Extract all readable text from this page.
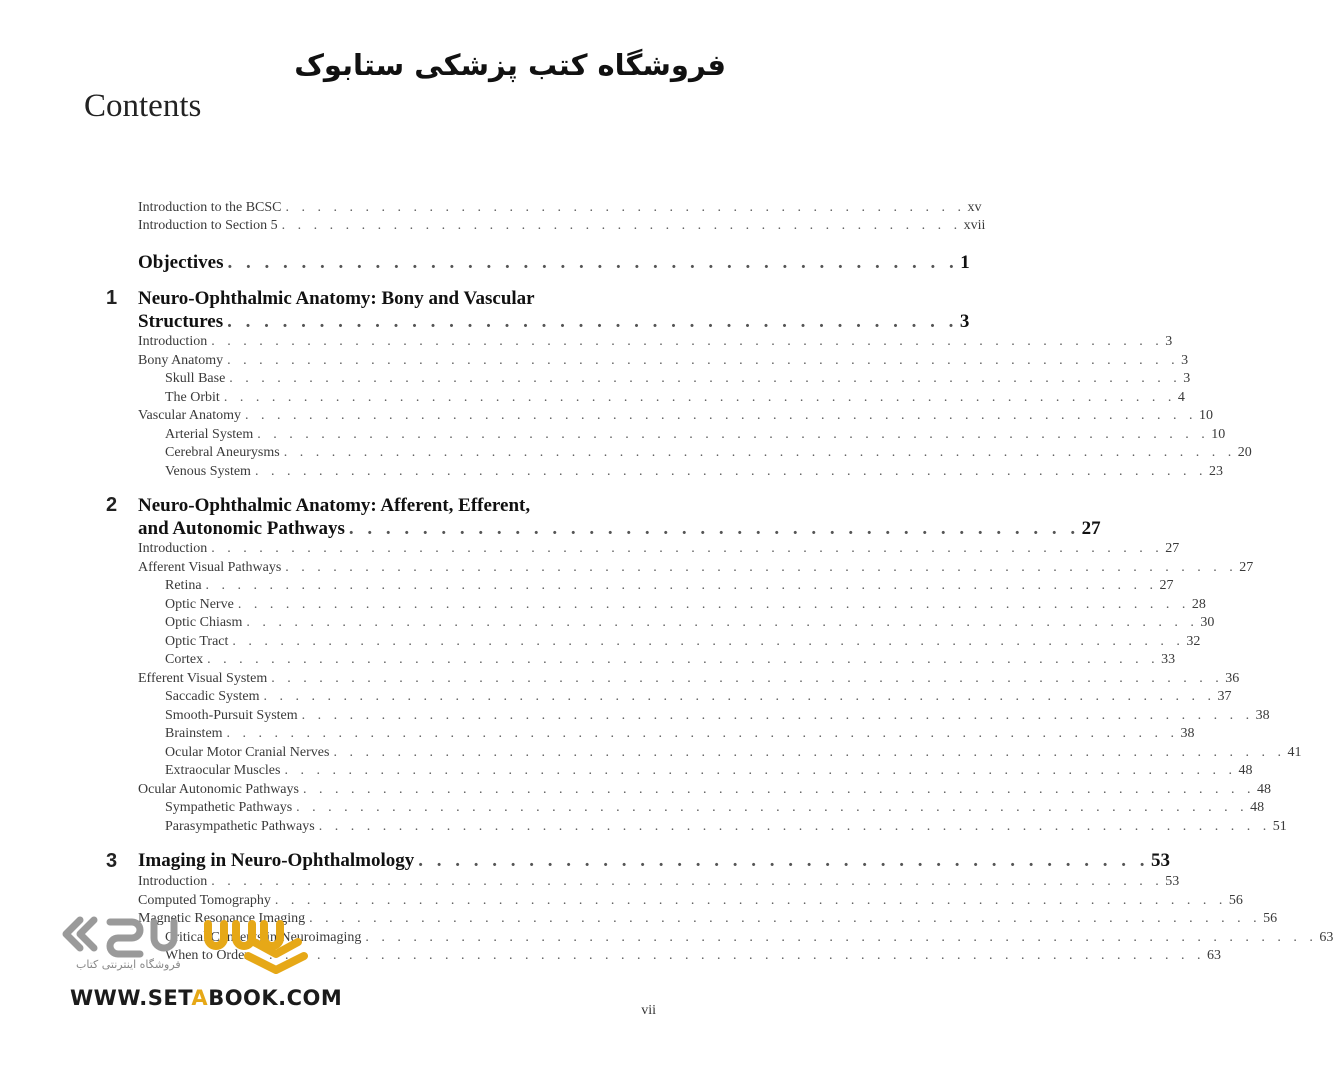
فروشگاه کتب پزشکی ستابوک
Contents
Introduction to the BCSC . . . . . . . . . . . . . . . . . . . . . . . . . . . . . . . . . . . . . . . . . . . xv
Introduction to Section 5 . . . . . . . . . . . . . . . . . . . . . . . . . . . . . . . . . . . . . . . . . . . xvii
Objectives . . . . . . . . . . . . . . . . . . . . . . . . . . . . . . . . . . . . . . . . 1
1 Neuro-Ophthalmic Anatomy: Bony and Vascular
Structures . . . . . . . . . . . . . . . . . . . . . . . . . . . . . . . . . . . . . . . . 3
Introduction . . . . . . . . . . . . . . . . . . . . . . . . . . . . . . . . . . . . . . . . . . . . . . . . . . . . . . . . . . . . 3
Bony Anatomy . . . . . . . . . . . . . . . . . . . . . . . . . . . . . . . . . . . . . . . . . . . . . . . . . . . . . . . . . . . . 3
Skull Base . . . . . . . . . . . . . . . . . . . . . . . . . . . . . . . . . . . . . . . . . . . . . . . . . . . . . . . . . . . . 3
The Orbit . . . . . . . . . . . . . . . . . . . . . . . . . . . . . . . . . . . . . . . . . . . . . . . . . . . . . . . . . . . . 4
Vascular Anatomy . . . . . . . . . . . . . . . . . . . . . . . . . . . . . . . . . . . . . . . . . . . . . . . . . . . . . . . . . . . . 10
Arterial System . . . . . . . . . . . . . . . . . . . . . . . . . . . . . . . . . . . . . . . . . . . . . . . . . . . . . . . . . . . . 10
Cerebral Aneurysms . . . . . . . . . . . . . . . . . . . . . . . . . . . . . . . . . . . . . . . . . . . . . . . . . . . . . . . . . . . . 20
Venous System . . . . . . . . . . . . . . . . . . . . . . . . . . . . . . . . . . . . . . . . . . . . . . . . . . . . . . . . . . . . 23
2 Neuro-Ophthalmic Anatomy: Afferent, Efferent,
and Autonomic Pathways . . . . . . . . . . . . . . . . . . . . . . . . . . . . . . . . . . . . . . . . 27
Introduction . . . . . . . . . . . . . . . . . . . . . . . . . . . . . . . . . . . . . . . . . . . . . . . . . . . . . . . . . . . . 27
Afferent Visual Pathways . . . . . . . . . . . . . . . . . . . . . . . . . . . . . . . . . . . . . . . . . . . . . . . . . . . . . . . . . . . . 27
Retina . . . . . . . . . . . . . . . . . . . . . . . . . . . . . . . . . . . . . . . . . . . . . . . . . . . . . . . . . . . . 27
Optic Nerve . . . . . . . . . . . . . . . . . . . . . . . . . . . . . . . . . . . . . . . . . . . . . . . . . . . . . . . . . . . . 28
Optic Chiasm . . . . . . . . . . . . . . . . . . . . . . . . . . . . . . . . . . . . . . . . . . . . . . . . . . . . . . . . . . . . 30
Optic Tract . . . . . . . . . . . . . . . . . . . . . . . . . . . . . . . . . . . . . . . . . . . . . . . . . . . . . . . . . . . . 32
Cortex . . . . . . . . . . . . . . . . . . . . . . . . . . . . . . . . . . . . . . . . . . . . . . . . . . . . . . . . . . . . 33
Efferent Visual System . . . . . . . . . . . . . . . . . . . . . . . . . . . . . . . . . . . . . . . . . . . . . . . . . . . . . . . . . . . . 36
Saccadic System . . . . . . . . . . . . . . . . . . . . . . . . . . . . . . . . . . . . . . . . . . . . . . . . . . . . . . . . . . . . 37
Smooth-Pursuit System . . . . . . . . . . . . . . . . . . . . . . . . . . . . . . . . . . . . . . . . . . . . . . . . . . . . . . . . . . . . 38
Brainstem . . . . . . . . . . . . . . . . . . . . . . . . . . . . . . . . . . . . . . . . . . . . . . . . . . . . . . . . . . . . 38
Ocular Motor Cranial Nerves . . . . . . . . . . . . . . . . . . . . . . . . . . . . . . . . . . . . . . . . . . . . . . . . . . . . . . . . . . . . 41
Extraocular Muscles . . . . . . . . . . . . . . . . . . . . . . . . . . . . . . . . . . . . . . . . . . . . . . . . . . . . . . . . . . . . 48
Ocular Autonomic Pathways . . . . . . . . . . . . . . . . . . . . . . . . . . . . . . . . . . . . . . . . . . . . . . . . . . . . . . . . . . . . 48
Sympathetic Pathways . . . . . . . . . . . . . . . . . . . . . . . . . . . . . . . . . . . . . . . . . . . . . . . . . . . . . . . . . . . . 48
Parasympathetic Pathways . . . . . . . . . . . . . . . . . . . . . . . . . . . . . . . . . . . . . . . . . . . . . . . . . . . . . . . . . . . . 51
3 Imaging in Neuro-Ophthalmology . . . . . . . . . . . . . . . . . . . . . . . . . . . . . . . . . . . . . . . . 53
Introduction . . . . . . . . . . . . . . . . . . . . . . . . . . . . . . . . . . . . . . . . . . . . . . . . . . . . . . . . . . . . 53
Computed Tomography . . . . . . . . . . . . . . . . . . . . . . . . . . . . . . . . . . . . . . . . . . . . . . . . . . . . . . . . . . . . 56
Magnetic Resonance Imaging . . . . . . . . . . . . . . . . . . . . . . . . . . . . . . . . . . . . . . . . . . . . . . . . . . . . . . . . . . . . 56
Critical Concepts in Neuroimaging . . . . . . . . . . . . . . . . . . . . . . . . . . . . . . . . . . . . . . . . . . . . . . . . . . . . . . . . . . . . 63
When to Order . . . . . . . . . . . . . . . . . . . . . . . . . . . . . . . . . . . . . . . . . . . . . . . . . . . . . . . . . . . . 63
فروشگاه اینترنتی کتاب
WWW.SETABOOK.COM
vii
